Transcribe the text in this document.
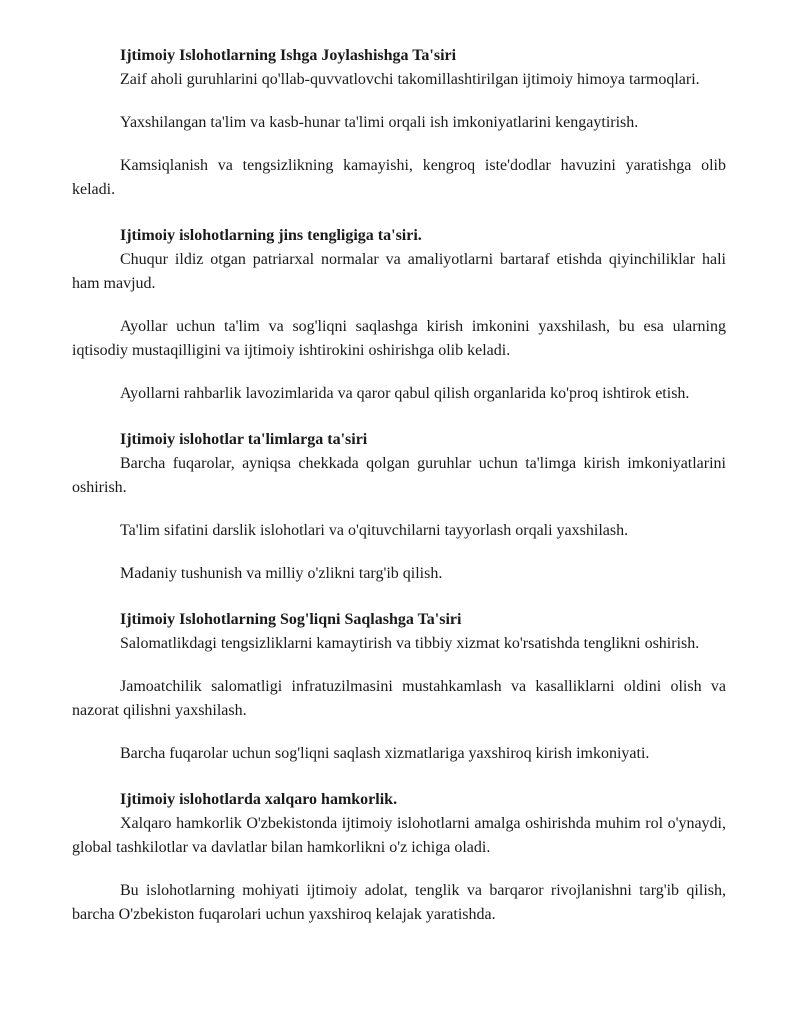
Ijtimoiy Islohotlarning Ishga Joylashishga Ta'siri

Zaif aholi guruhlarini qo'llab-quvvatlovchi takomillashtirilgan ijtimoiy himoya tarmoqlari.

Yaxshilangan ta'lim va kasb-hunar ta'limi orqali ish imkoniyatlarini kengaytirish.

Kamsiqlanish va tengsizlikning kamayishi, kengroq iste'dodlar havuzini yaratishga olib keladi.

Ijtimoiy islohotlarning jins tengligiga ta'siri.

Chuqur ildiz otgan patriarxal normalar va amaliyotlarni bartaraf etishda qiyinchiliklar hali ham mavjud.

Ayollar uchun ta'lim va sog'liqni saqlashga kirish imkonini yaxshilash, bu esa ularning iqtisodiy mustaqilligini va ijtimoiy ishtirokini oshirishga olib keladi.

Ayollarni rahbarlik lavozimlarida va qaror qabul qilish organlarida ko'proq ishtirok etish.

Ijtimoiy islohotlar ta'limlarga ta'siri

Barcha fuqarolar, ayniqsa chekkada qolgan guruhlar uchun ta'limga kirish imkoniyatlarini oshirish.

Ta'lim sifatini darslik islohotlari va o'qituvchilarni tayyorlash orqali yaxshilash.

Madaniy tushunish va milliy o'zlikni targ'ib qilish.

Ijtimoiy Islohotlarning Sog'liqni Saqlashga Ta'siri

Salomatlikdagi tengsizliklarni kamaytirish va tibbiy xizmat ko'rsatishda tenglikni oshirish.

Jamoatchilik salomatligi infratuzilmasini mustahkamlash va kasalliklarni oldini olish va nazorat qilishni yaxshilash.

Barcha fuqarolar uchun sog'liqni saqlash xizmatlariga yaxshiroq kirish imkoniyati.

Ijtimoiy islohotlarda xalqaro hamkorlik.

Xalqaro hamkorlik O'zbekistonda ijtimoiy islohotlarni amalga oshirishda muhim rol o'ynaydi, global tashkilotlar va davlatlar bilan hamkorlikni o'z ichiga oladi.

Bu islohotlarning mohiyati ijtimoiy adolat, tenglik va barqaror rivojlanishni targ'ib qilish, barcha O'zbekiston fuqarolari uchun yaxshiroq kelajak yaratishda.
